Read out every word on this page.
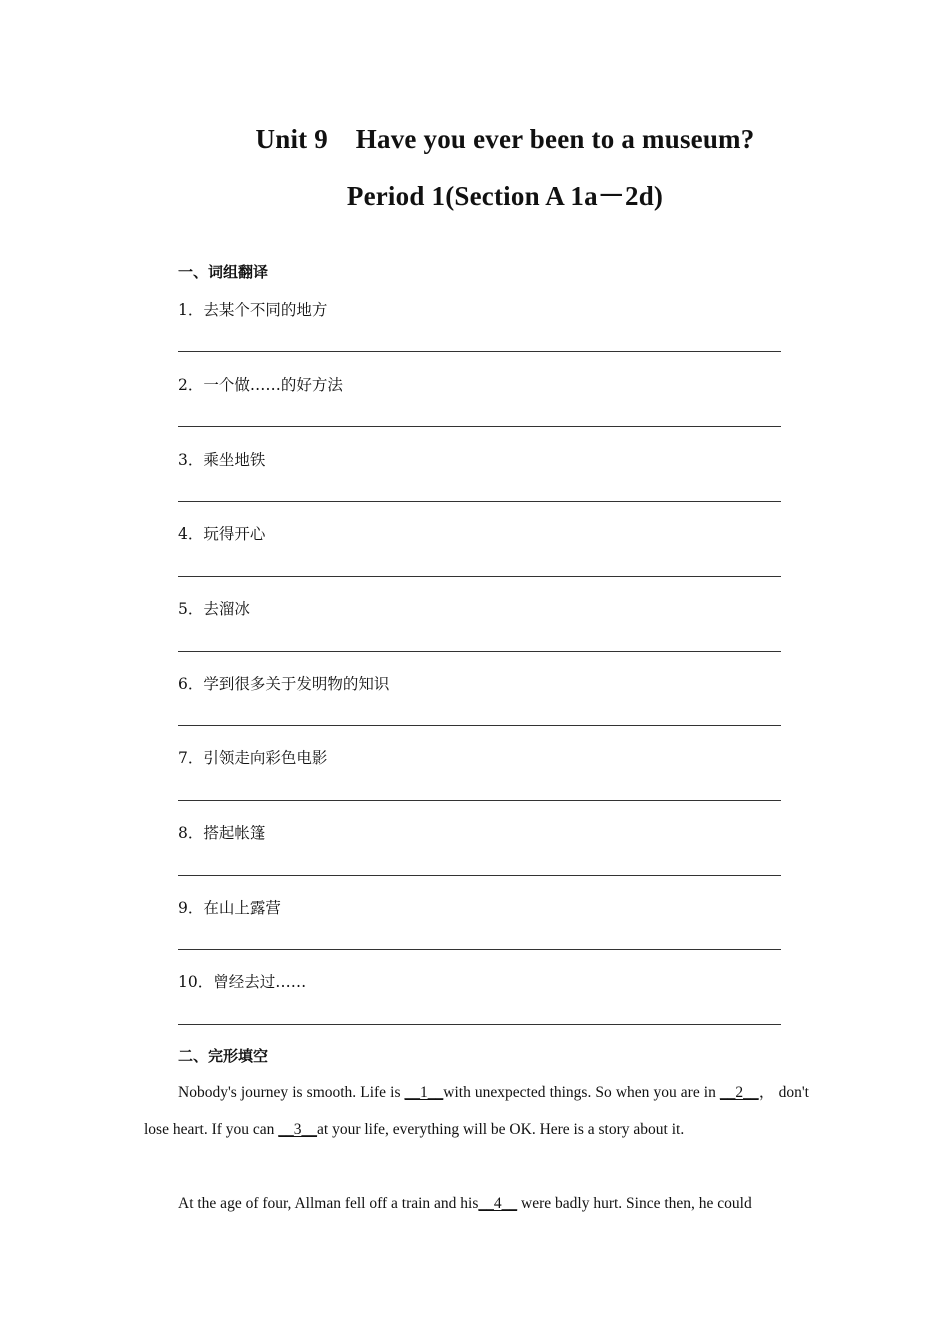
Unit 9    Have you ever been to a museum?
Period 1(Section A 1a－2d)
一、词组翻译
1．去某个不同的地方
2．一个做……的好方法
3．乘坐地铁
4．玩得开心
5．去溜冰
6．学到很多关于发明物的知识
7．引领走向彩色电影
8．搭起帐篷
9．在山上露营
10．曾经去过……
二、完形填空
Nobody's journey is smooth. Life is __1__with unexpected things. So when you are in __2__， don't lose heart. If you can __3__at your life, everything will be OK. Here is a story about it.
At the age of four, Allman fell off a train and his__4__ were badly hurt. Since then, he could
